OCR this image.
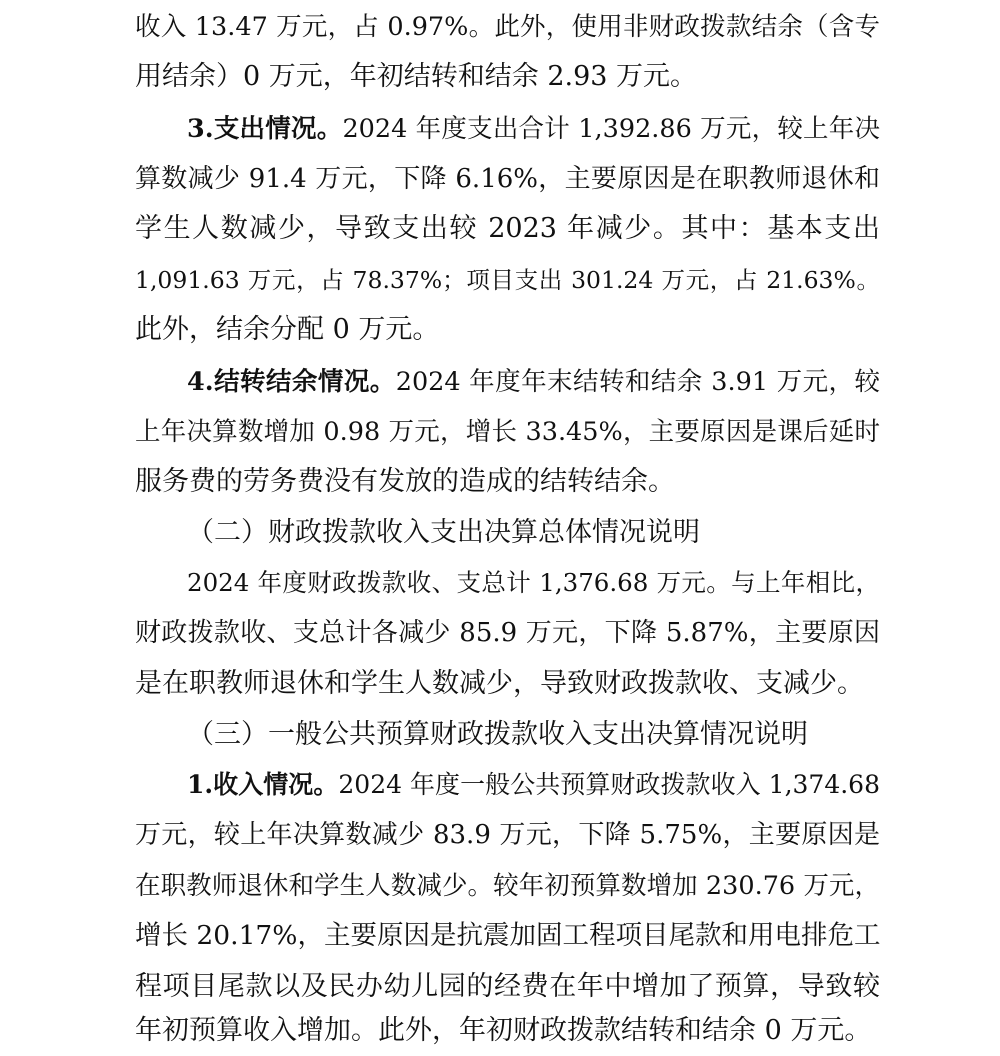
收入 13.47 万元，占 0.97%。此外，使用非财政拨款结余（含专
用结余）0 万元，年初结转和结余 2.93 万元。
3.支出情况。2024 年度支出合计 1,392.86 万元，较上年决
算数减少 91.4 万元，下降 6.16%，主要原因是在职教师退休和
学生人数减少，导致支出较 2023 年减少。其中：基本支出
1,091.63 万元，占 78.37%；项目支出 301.24 万元，占 21.63%。
此外，结余分配 0 万元。
4.结转结余情况。2024 年度年末结转和结余 3.91 万元，较
上年决算数增加 0.98 万元，增长 33.45%，主要原因是课后延时
服务费的劳务费没有发放的造成的结转结余。
（二）财政拨款收入支出决算总体情况说明
2024 年度财政拨款收、支总计 1,376.68 万元。与上年相比，
财政拨款收、支总计各减少 85.9 万元，下降 5.87%，主要原因
是在职教师退休和学生人数减少，导致财政拨款收、支减少。
（三）一般公共预算财政拨款收入支出决算情况说明
1.收入情况。2024 年度一般公共预算财政拨款收入 1,374.68
万元，较上年决算数减少 83.9 万元，下降 5.75%，主要原因是
在职教师退休和学生人数减少。较年初预算数增加 230.76 万元，
增长 20.17%，主要原因是抗震加固工程项目尾款和用电排危工
程项目尾款以及民办幼儿园的经费在年中增加了预算，导致较
年初预算收入增加。此外，年初财政拨款结转和结余 0 万元。
